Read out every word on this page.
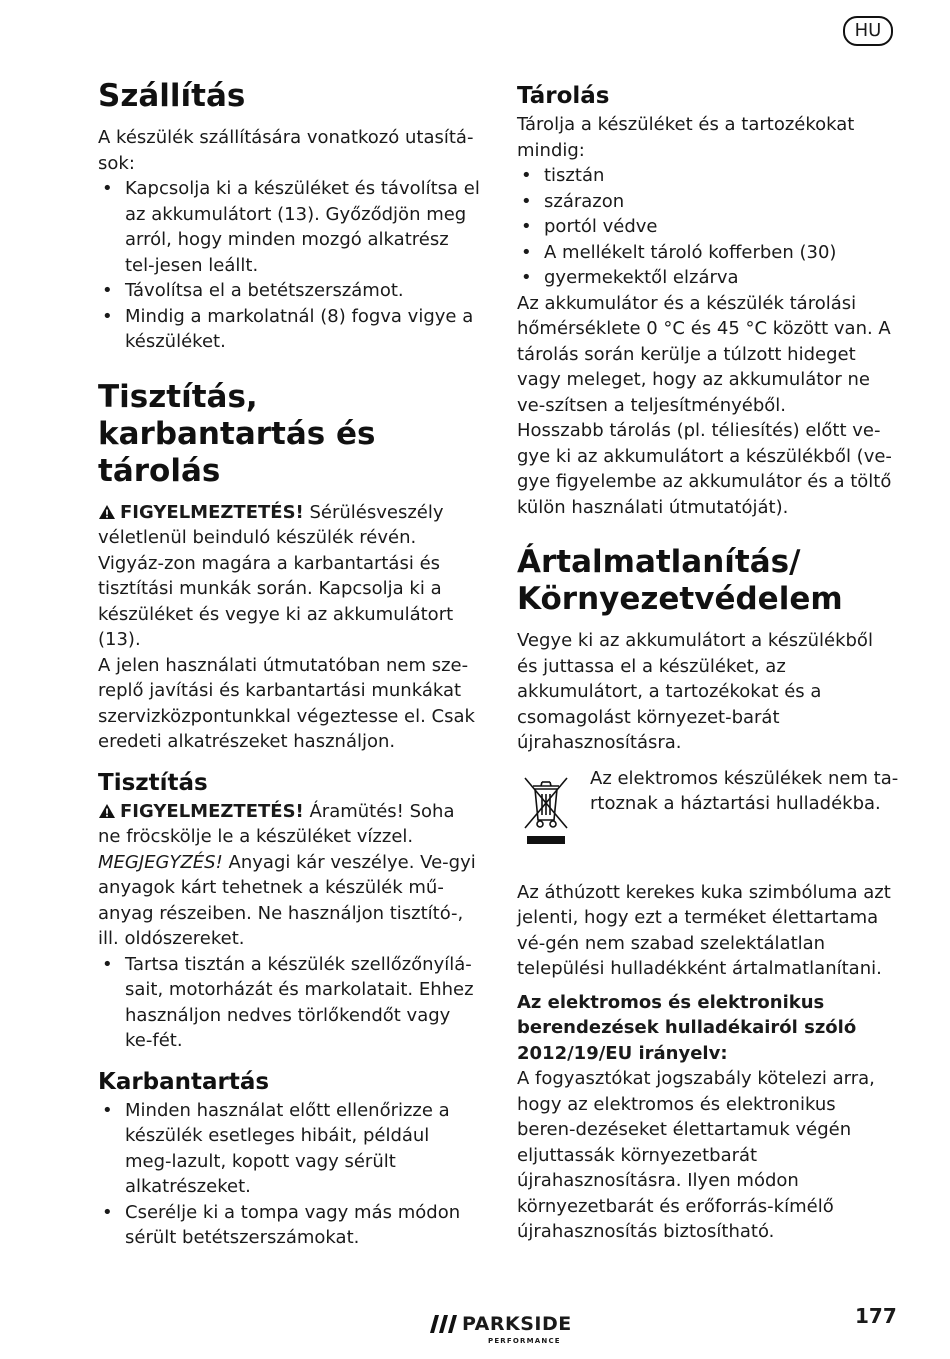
HU
Szállítás

A készülék szállítására vonatkozó utasítá-sok:

• Kapcsolja ki a készüléket és távolítsa el az akkumulátort (13). Győződjön meg arról, hogy minden mozgó alkatrész tel-jesen leállt.
• Távolítsa el a betétszerszámot.
• Mindig a markolatnál (8) fogva vigye a készüléket.
Tisztítás, karbantartás és tárolás

FIGYELMEZTETÉS! Sérülésveszély véletlenül beinduló készülék révén. Vigyáz-zon magára a karbantartási és tisztítási munkák során. Kapcsolja ki a készüléket és vegye ki az akkumulátort (13).

A jelen használati útmutatóban nem sze-replő javítási és karbantartási munkákat szervizközpontunkkal végeztesse el. Csak eredeti alkatrészeket használjon.

Tisztítás

FIGYELMEZTETÉS! Áramütés! Soha ne fröcskölje le a készüléket vízzel.

MEGJEGYZÉS! Anyagi kár veszélye. Ve-gyi anyagok kárt tehetnek a készülék mű-anyag részeiben. Ne használjon tisztító-, ill. oldószereket.

• Tartsa tisztán a készülék szellőzőnyílá-sait, motorházát és markolatait. Ehhez használjon nedves törlőkendőt vagy ke-fét.
Karbantartás
• Minden használat előtt ellenőrizze a készülék esetleges hibáit, például meg-lazult, kopott vagy sérült alkatrészeket.
• Cserélje ki a tompa vagy más módon sérült betétszerszámokat.
Tárolás

Tárolja a készüléket és a tartozékokat mindig:

• tisztán
• szárazon
• portól védve
• A mellékelt tároló kofferben (30)
• gyermekektől elzárva

Az akkumulátor és a készülék tárolási hőmérséklete 0 °C és 45 °C között van. A tárolás során kerülje a túlzott hideget vagy meleget, hogy az akkumulátor ne ve-szítsen a teljesítményéből.

Hosszabb tárolás (pl. téliesítés) előtt ve-gye ki az akkumulátort a készülékből (ve-gye figyelembe az akkumulátor és a töltő külön használati útmutatóját).

Ártalmatlanítás/ Környezetvédelem

Vegye ki az akkumulátort a készülékből és juttassa el a készüléket, az akkumulátort, a tartozékokat és a csomagolást környezet-barát újrahasznosításra.

Az elektromos készülékek nem ta-rtoznak a háztartási hulladékba.

Az áthúzott kerekes kuka szimbóluma azt jelenti, hogy ezt a terméket élettartama vé-gén nem szabad szelektálatlan települési hulladékként ártalmatlanítani.

Az elektromos és elektronikus berendezések hulladékairól szóló 2012/19/EU irányelv:

A fogyasztókat jogszabály kötelezi arra, hogy az elektromos és elektronikus beren-dezéseket élettartamuk végén eljuttassák környezetbarát újrahasznosításra. Ilyen módon környezetbarát és erőforrás-kímélő újrahasznosítás biztosítható.

PARKSIDE
PERFORMANCE
177
